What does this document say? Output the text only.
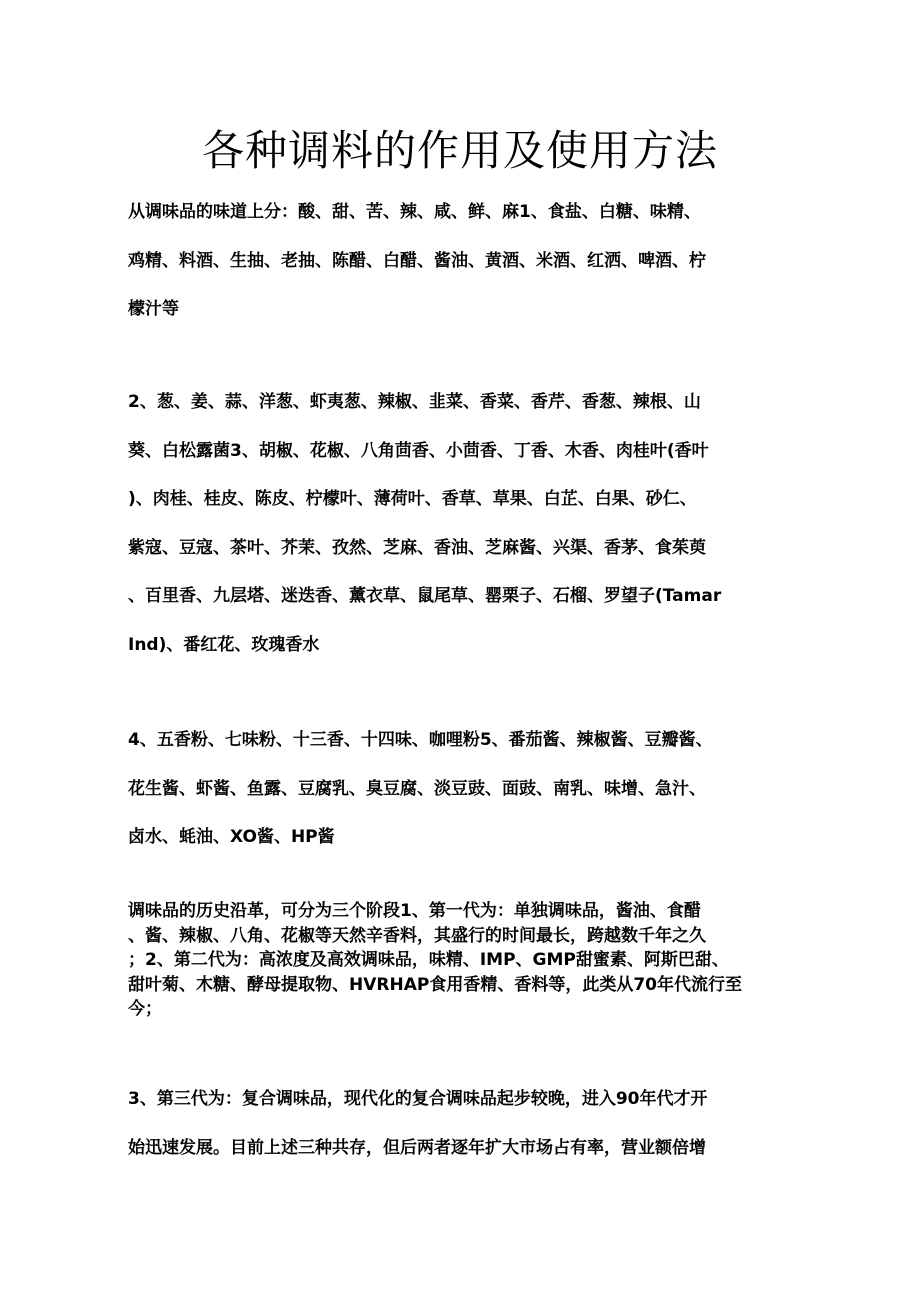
各种调料的作用及使用方法

从调味品的味道上分：酸、甜、苦、辣、咸、鲜、麻1、食盐、白糖、味精、
鸡精、料酒、生抽、老抽、陈醋、白醋、酱油、黄酒、米酒、红洒、啤酒、柠
檬汁等

2、葱、姜、蒜、洋葱、虾夷葱、辣椒、韭菜、香菜、香芹、香葱、辣根、山
葵、白松露菌3、胡椒、花椒、八角茴香、小茴香、丁香、木香、肉桂叶(香叶
)、肉桂、桂皮、陈皮、柠檬叶、薄荷叶、香草、草果、白芷、白果、砂仁、
紫寇、豆寇、茶叶、芥茉、孜然、芝麻、香油、芝麻酱、兴渠、香茅、食茱萸
、百里香、九层塔、迷迭香、薰衣草、鼠尾草、罂栗子、石榴、罗望子(Tamar
Ind)、番红花、玫瑰香水

4、五香粉、七味粉、十三香、十四味、咖哩粉5、番茄酱、辣椒酱、豆瓣酱、
花生酱、虾酱、鱼露、豆腐乳、臭豆腐、淡豆豉、面豉、南乳、味增、急汁、
卤水、蚝油、XO酱、HP酱

调味品的历史沿革，可分为三个阶段1、第一代为：单独调味品，酱油、食醋
、酱、辣椒、八角、花椒等天然辛香料，其盛行的时间最长，跨越数千年之久
；2、第二代为：高浓度及高效调味品，味精、IMP、GMP甜蜜素、阿斯巴甜、
甜叶菊、木糖、酵母提取物、HVRHAP食用香精、香料等，此类从70年代流行至
今；

3、第三代为：复合调味品，现代化的复合调味品起步较晚，进入90年代才开
始迅速发展。目前上述三种共存，但后两者逐年扩大市场占有率，营业额倍增
